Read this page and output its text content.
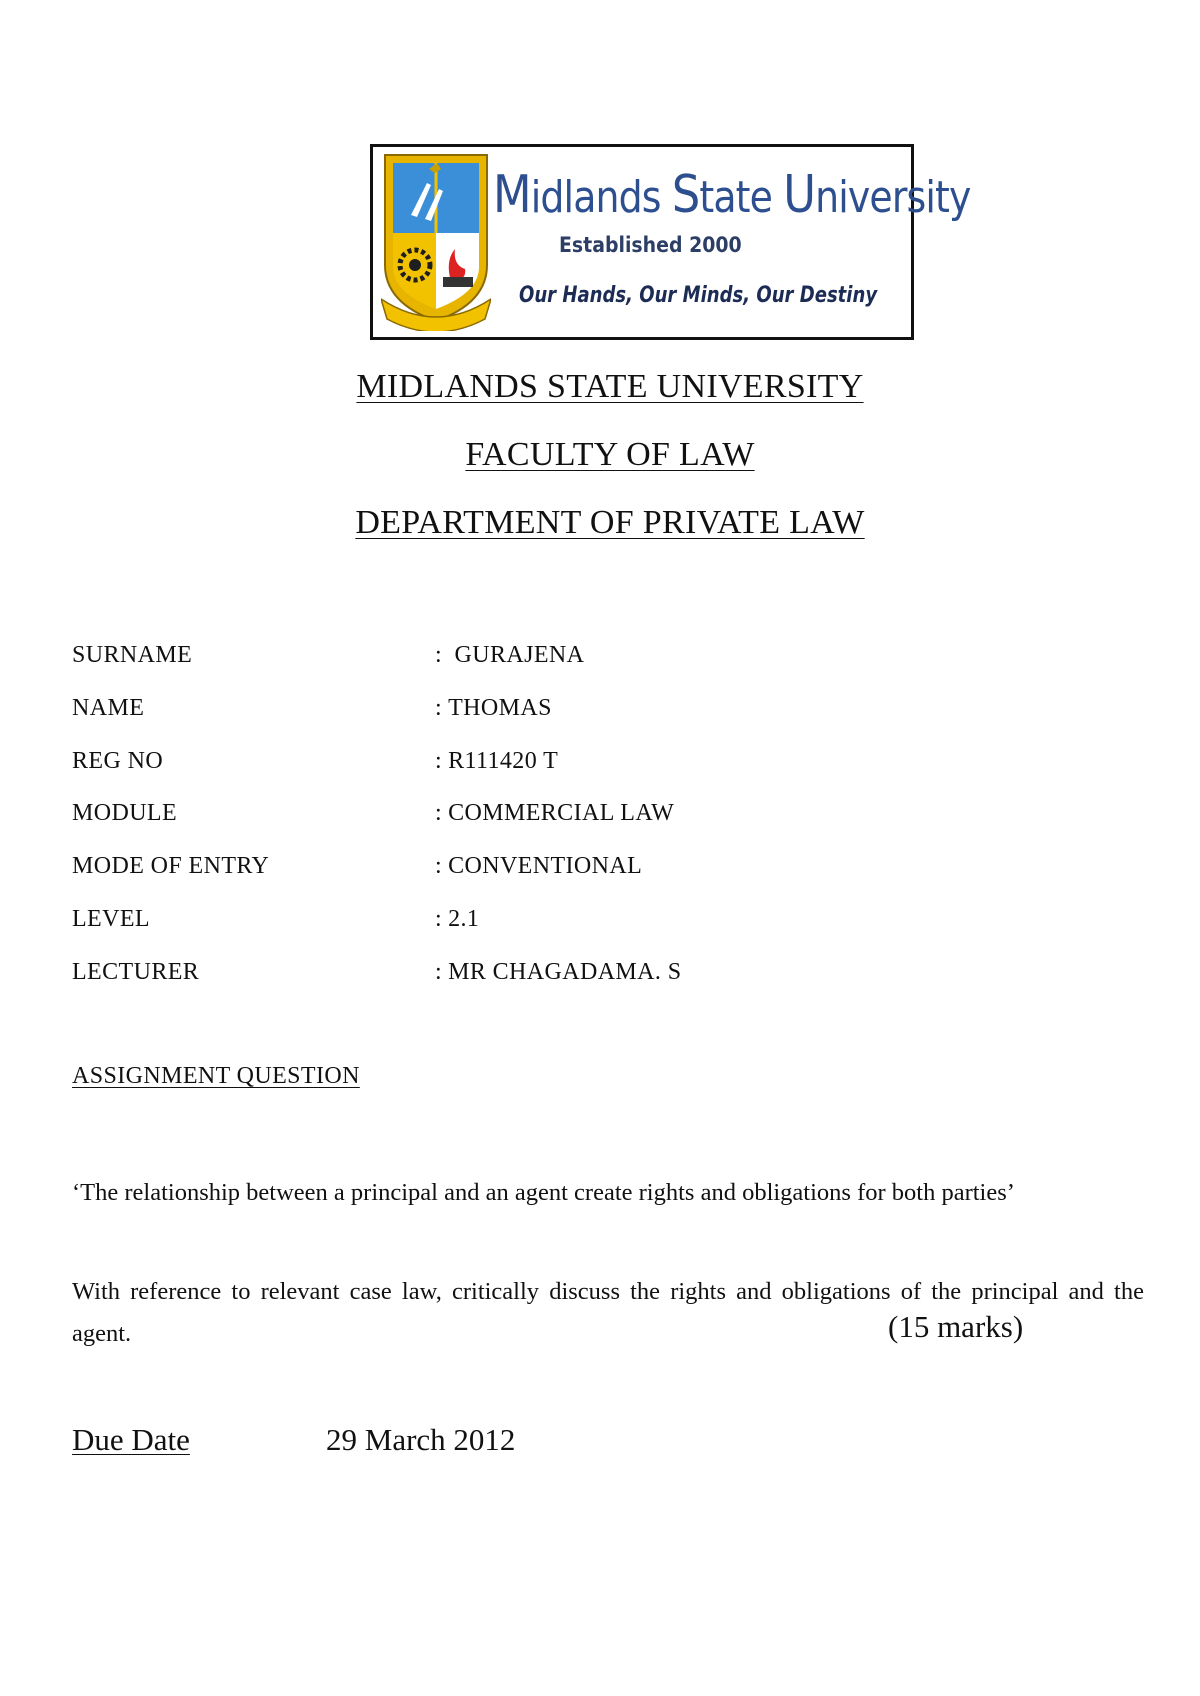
Midlands State University
Established 2000
Our Hands, Our Minds, Our Destiny
MIDLANDS STATE UNIVERSITY
FACULTY OF LAW
DEPARTMENT OF PRIVATE LAW
SURNAME	: GURAJENA
NAME	: THOMAS
REG NO	: R111420 T
MODULE	: COMMERCIAL LAW
MODE OF ENTRY	: CONVENTIONAL
LEVEL	: 2.1
LECTURER	: MR CHAGADAMA. S
ASSIGNMENT QUESTION
‘The relationship between a principal and an agent create rights and obligations for both parties’
With reference to relevant case law, critically discuss the rights and obligations of the principal and the agent.	(15 marks)
Due Date	29 March 2012
